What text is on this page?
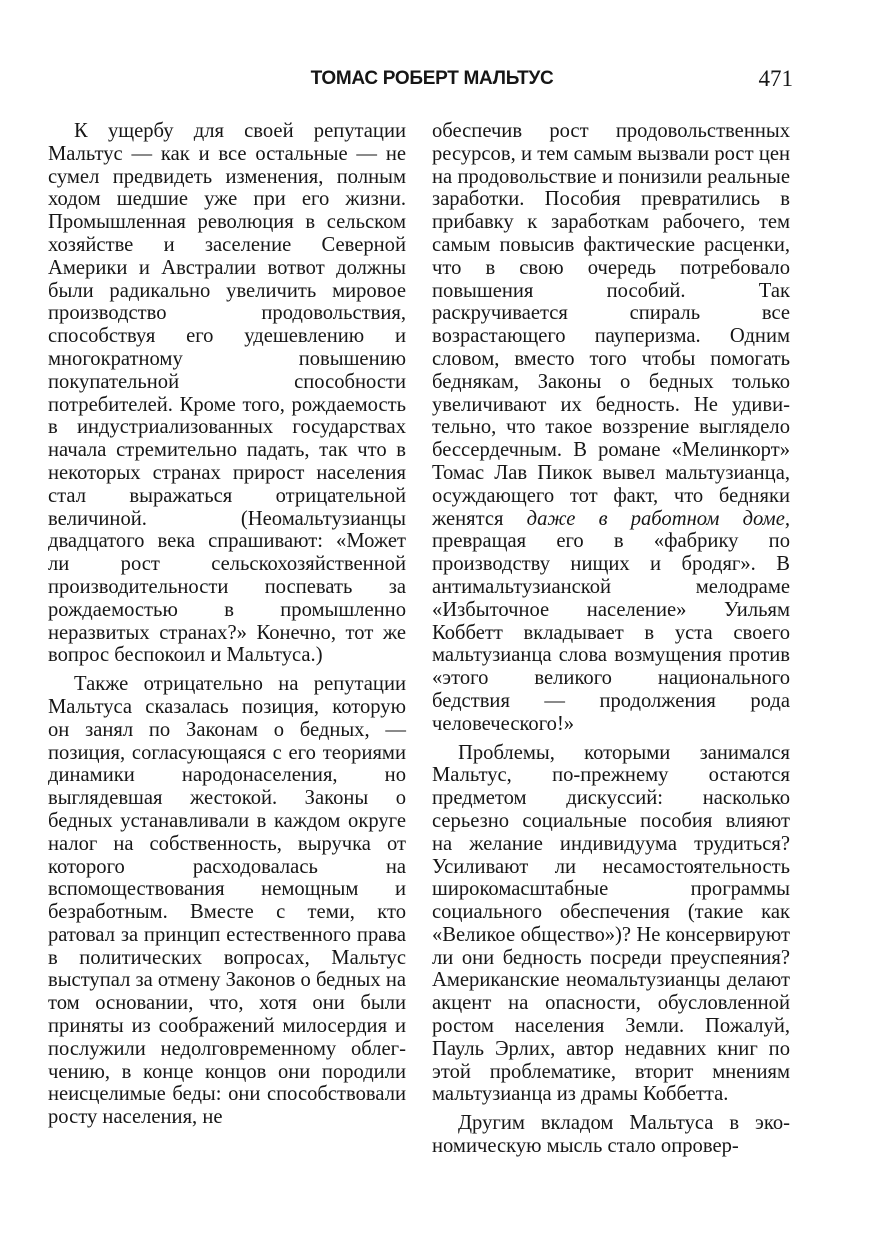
ТОМАС РОБЕРТ МАЛЬТУС	471

К ущербу для своей репутации Мальтус — как и все остальные — не сумел предвидеть изменения, полным ходом шедшие уже при его жизни. Промышленная революция в сельском хозяйстве и заселение Северной Америки и Австралии вотвот должны были радикально увеличить мировое производство продовольствия, способствуя его удешевлению и многократному повышению покупательной способности потребителей. Кроме того, рождаемость в индустриализованных государствах начала стремительно падать, так что в некоторых странах прирост населения стал выражаться отрицательной величиной. (Неомальтузианцы двадцатого века спрашивают: «Может ли рост сельскохозяйственной производительности поспевать за рождаемостью в промышленно неразвитых странах?» Конечно, тот же вопрос беспокоил и Мальтуса.)

Также отрицательно на репутации Мальтуса сказалась позиция, которую он занял по Законам о бедных, — позиция, согласующаяся с его теориями динамики народонаселения, но выглядевшая жестокой. Законы о бедных устанавливали в каждом округе налог на собственность, выручка от которого расходовалась на вспомоществования немощным и безработным. Вместе с теми, кто ратовал за принцип естественного права в политических вопросах, Мальтус выступал за отмену Законов о бедных на том основании, что, хотя они были приняты из соображений милосердия и послужили недолговременному облегчению, в конце концов они породили неисцелимые беды: они способствовали росту населения, не

обеспечив рост продовольственных ресурсов, и тем самым вызвали рост цен на продовольствие и понизили реальные заработки. Пособия превратились в прибавку к заработкам рабочего, тем самым повысив фактические расценки, что в свою очередь потребовало повышения пособий. Так раскручивается спираль все возрастающего пауперизма. Одним словом, вместо того чтобы помогать беднякам, Законы о бедных только увеличивают их бедность. Не удивительно, что такое воззрение выглядело бессердечным. В романе «Мелинкорт» Томас Лав Пикок вывел мальтузианца, осуждающего тот факт, что бедняки женятся даже в работном доме, превращая его в «фабрику по производству нищих и бродяг». В антимальтузианской мелодраме «Избыточное население» Уильям Коббетт вкладывает в уста своего мальтузианца слова возмущения против «этого великого национального бедствия — продолжения рода человеческого!»

Проблемы, которыми занимался Мальтус, по-прежнему остаются предметом дискуссий: насколько серьезно социальные пособия влияют на желание индивидуума трудиться? Усиливают ли несамостоятельность широкомасштабные программы социального обеспечения (такие как «Великое общество»)? Не консервируют ли они бедность посреди преуспеяния? Американские неомальтузианцы делают акцент на опасности, обусловленной ростом населения Земли. Пожалуй, Пауль Эрлих, автор недавних книг по этой проблематике, вторит мнениям мальтузианца из драмы Коббетта.

Другим вкладом Мальтуса в экономическую мысль стало опровер-
